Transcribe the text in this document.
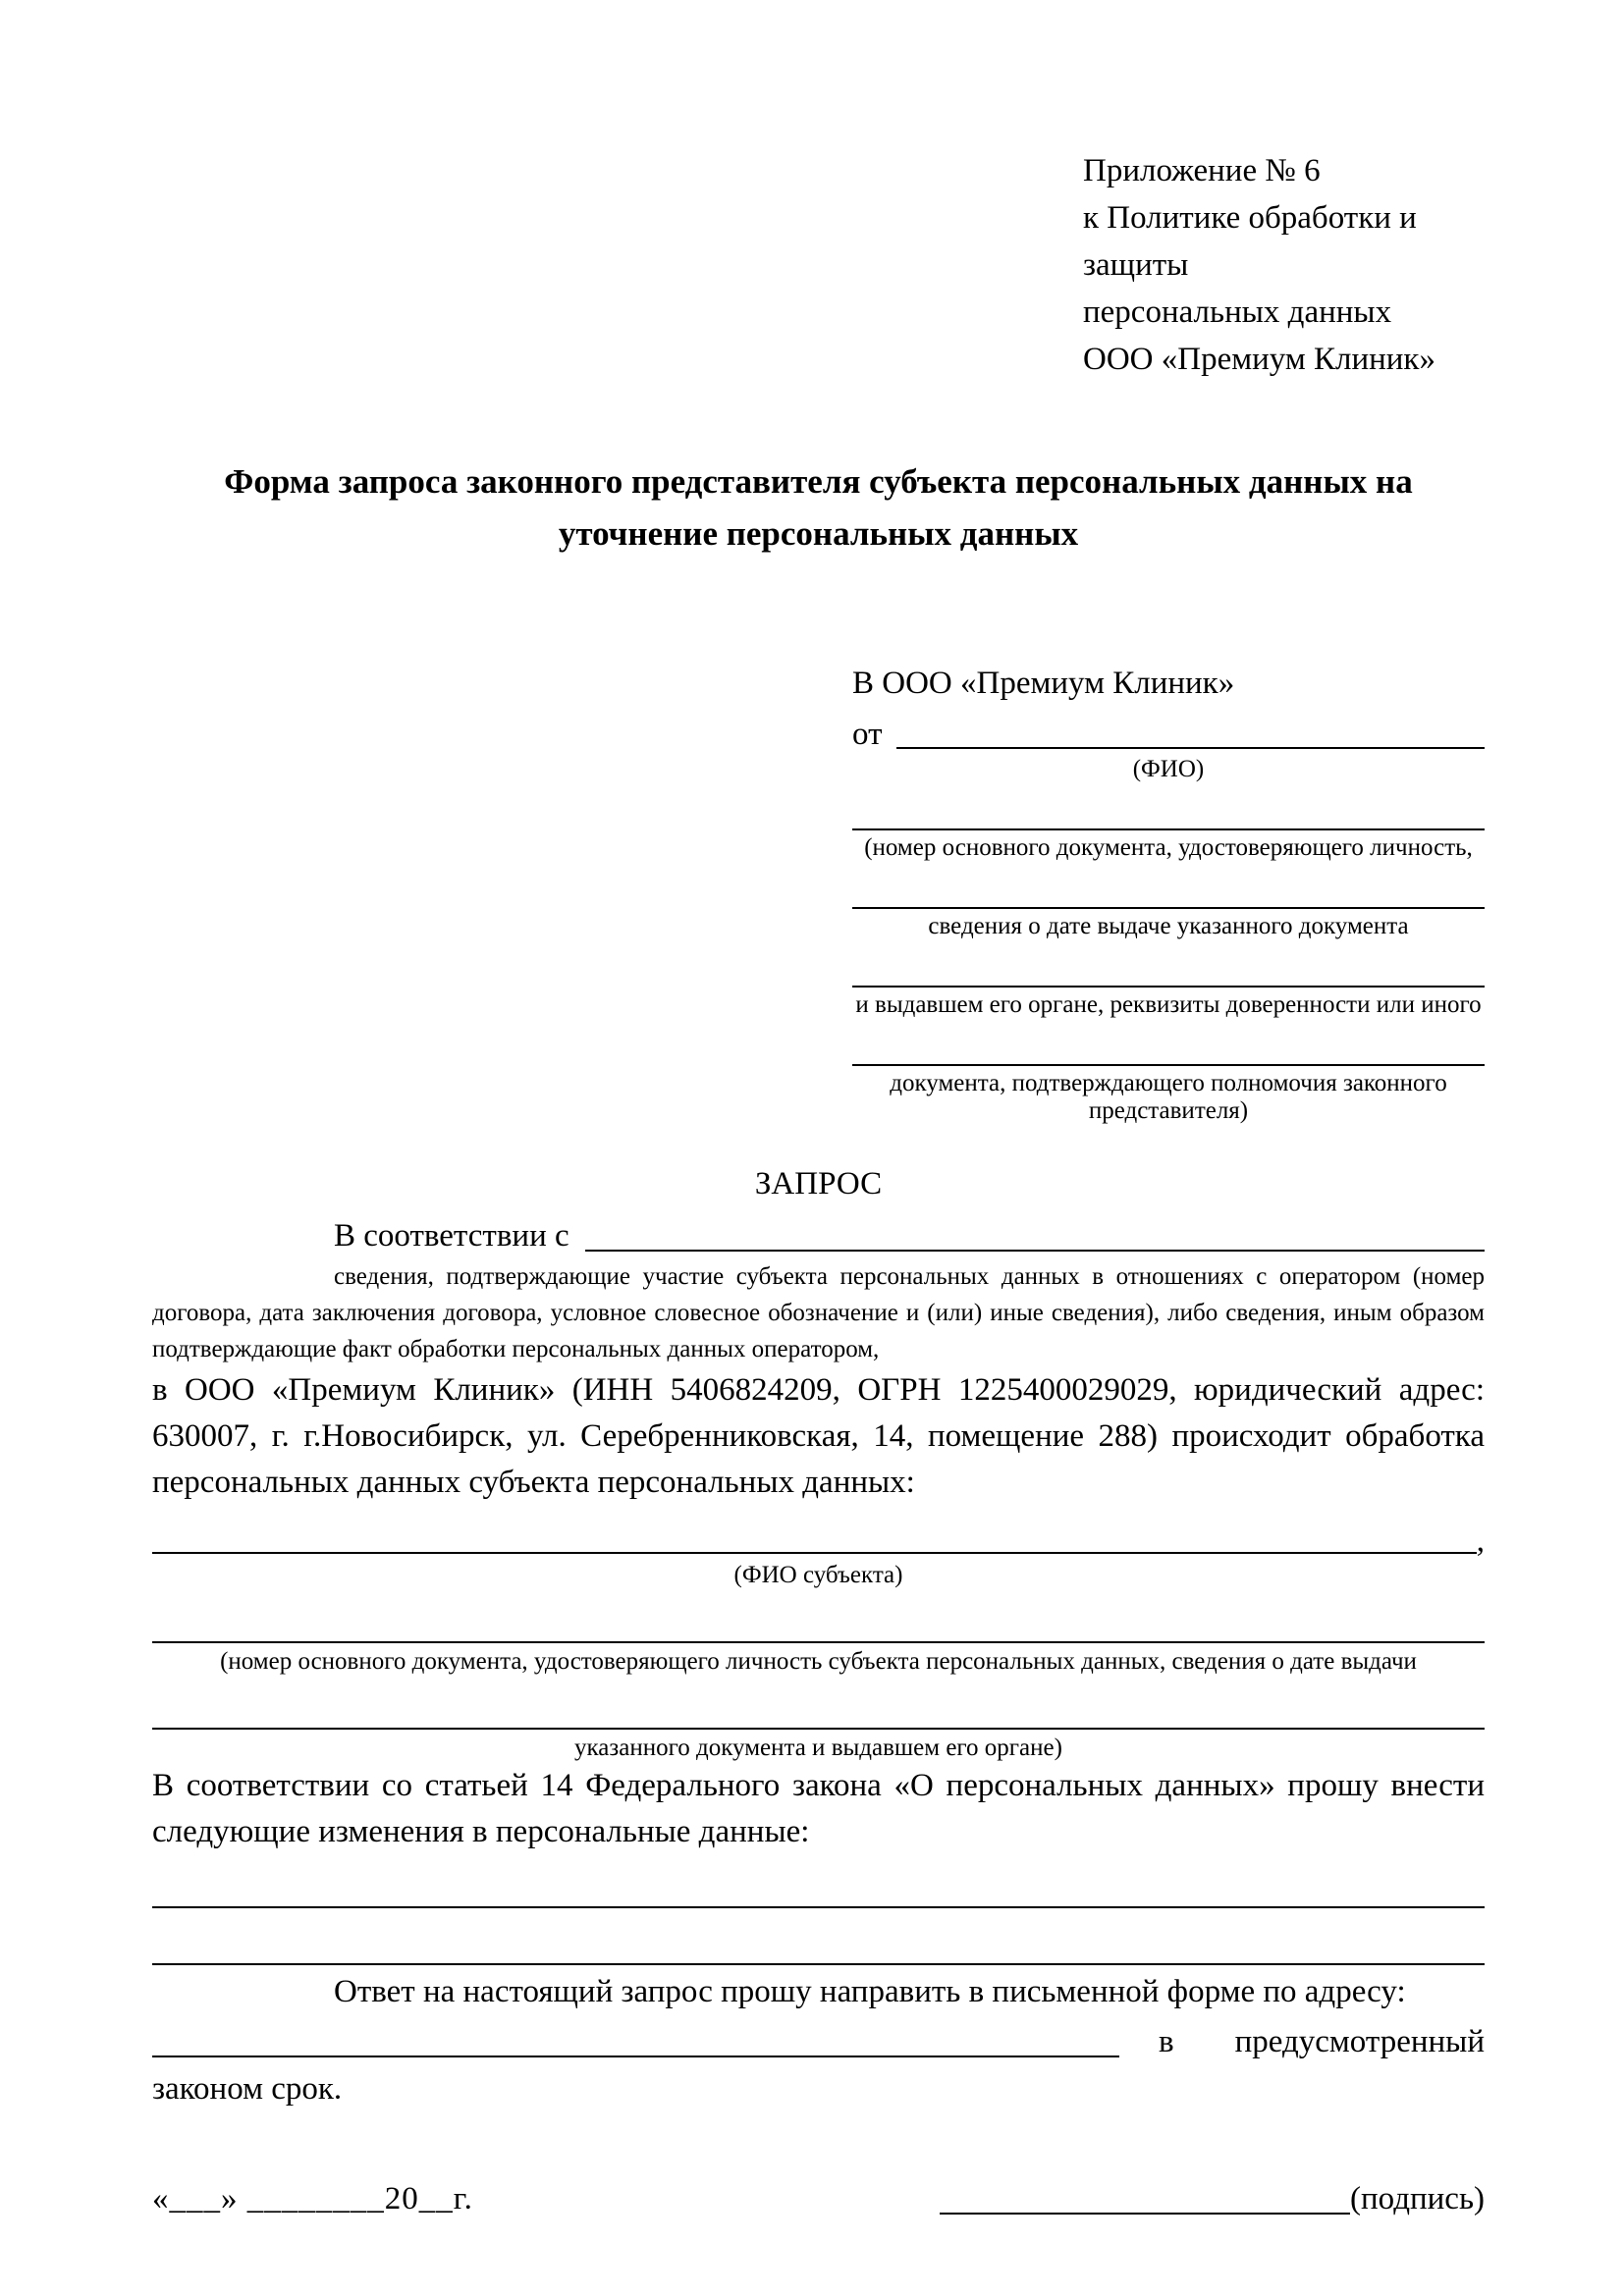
Приложение № 6
к Политике обработки и защиты
персональных данных
ООО «Премиум Клиник»
Форма запроса законного представителя субъекта персональных данных на уточнение персональных данных
В ООО «Премиум Клиник»
от
(ФИО)
(номер основного документа, удостоверяющего личность,
сведения о дате выдаче указанного документа
и выдавшем его органе, реквизиты доверенности или иного
документа, подтверждающего полномочия законного представителя)
ЗАПРОС
В соответствии с
сведения, подтверждающие участие субъекта персональных данных в отношениях с оператором (номер договора, дата заключения договора, условное словесное обозначение и (или) иные сведения), либо сведения, иным образом подтверждающие факт обработки персональных данных оператором,
в ООО «Премиум Клиник» (ИНН 5406824209, ОГРН 1225400029029, юридический адрес: 630007, г. г.Новосибирск, ул. Серебренниковская, 14, помещение 288) происходит обработка персональных данных субъекта персональных данных:
,
(ФИО субъекта)
(номер основного документа, удостоверяющего личность субъекта персональных данных, сведения о дате выдачи
указанного документа и выдавшем его органе)
В соответствии со статьей 14 Федерального закона «О персональных данных» прошу внести следующие изменения в персональные данные:
Ответ на настоящий запрос прошу направить в письменной форме по адресу:
в предусмотренный
законом срок.
«___» ________20__г.	(подпись)
